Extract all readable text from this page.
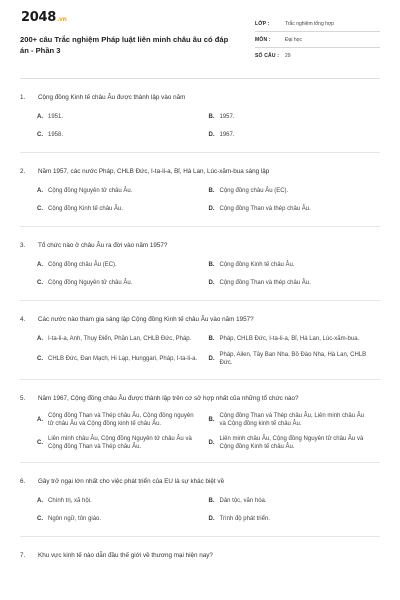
2048.vn
200+ câu Trắc nghiệm Pháp luật liên minh châu âu có đáp án - Phần 3
LỚP :	Trắc nghiệm tổng hợp
MÔN :	Đại học
SỐ CÂU :	29
1.	Cộng đồng Kinh tế châu Âu được thành lập vào năm
A. 1951.	B. 1957.
C. 1958.	D. 1967.
2.	Năm 1957, các nước Pháp, CHLB Đức, I-ta-li-a, Bỉ, Hà Lan, Lúc-xăm-bua sáng lập
A. Cộng đồng Nguyên tử châu Âu.	B. Cộng đồng châu Âu (EC).
C. Cộng đồng Kinh tế châu Âu.	D. Cộng đồng Than và thép châu Âu.
3.	Tổ chức nào ở châu Âu ra đời vào năm 1957?
A. Cộng đồng châu Âu (EC).	B. Cộng đồng Kinh tế châu Âu.
C. Cộng đồng Nguyên tử châu Âu.	D. Cộng đồng Than và thép châu Âu.
4.	Các nước nào tham gia sáng lập Cộng đồng Kinh tế châu Âu vào năm 1957?
A. I-ta-li-a, Anh, Thụy Điển, Phần Lan, CHLB Đức, Pháp.	B. Pháp, CHLB Đức, I-ta-li-a, Bỉ, Hà Lan, Lúc-xăm-bua.
C. CHLB Đức, Đan Mạch, Hi Lạp, Hunggari, Pháp, I-ta-li-a.	D.
Pháp, Ailen, Tây Ban Nha, Bồ Đào Nha, Hà Lan, CHLB Đức.
5.	Năm 1967, Cộng đồng châu Âu được thành lập trên cơ sở hợp nhất của những tổ chức nào?
A.
Cộng đồng Than và Thép châu Âu, Cộng đồng nguyên tử châu Âu và Cộng đồng kinh tế châu Âu.
B.
Cộng đồng Than và Thép châu Âu, Liên minh châu Âu và Cộng đồng kinh tế châu Âu.
C.
Liên minh châu Âu, Cộng đồng Nguyên tử châu Âu và Cộng đồng Than và Thép châu Âu.
D.
Liên minh châu Âu, Cộng đồng Nguyên tử châu Âu và Cộng đồng Kinh tế châu Âu.
6.	Gây trở ngại lớn nhất cho việc phát triển của EU là sự khác biệt về
A. Chính trị, xã hội.	B. Dân tộc, văn hóa.
C. Ngôn ngữ, tôn giáo.	D. Trình độ phát triển.
7.	Khu vực kinh tế nào dẫn đầu thế giới về thương mại hiện nay?
